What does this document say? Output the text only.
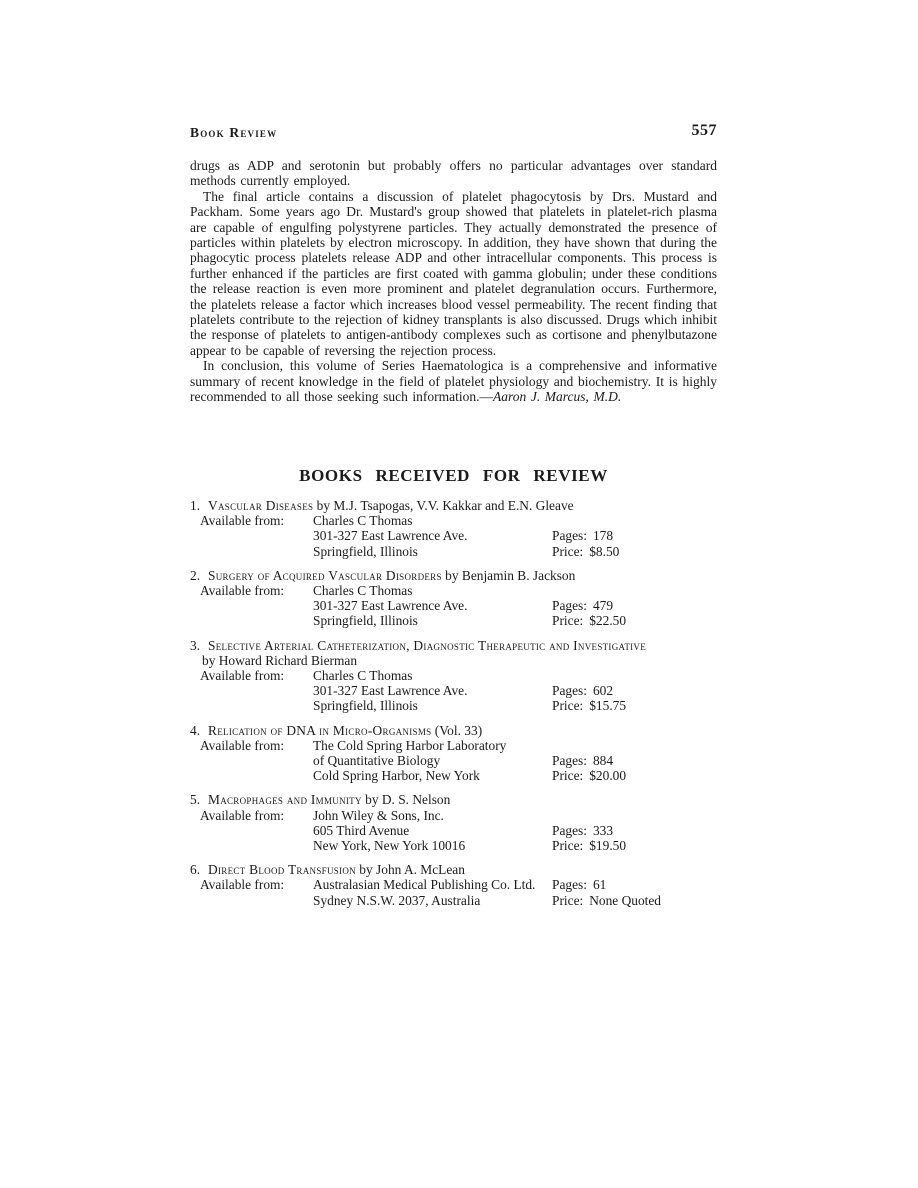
Book Review	557

drugs as ADP and serotonin but probably offers no particular advantages over standard methods currently employed.

The final article contains a discussion of platelet phagocytosis by Drs. Mustard and Packham. Some years ago Dr. Mustard's group showed that platelets in platelet-rich plasma are capable of engulfing polystyrene particles. They actually demonstrated the presence of particles within platelets by electron microscopy. In addition, they have shown that during the phagocytic process platelets release ADP and other intracellular components. This process is further enhanced if the particles are first coated with gamma globulin; under these conditions the release reaction is even more prominent and platelet degranulation occurs. Furthermore, the platelets release a factor which increases blood vessel permeability. The recent finding that platelets contribute to the rejection of kidney transplants is also discussed. Drugs which inhibit the response of platelets to antigen-antibody complexes such as cortisone and phenylbutazone appear to be capable of reversing the rejection process.

In conclusion, this volume of Series Haematologica is a comprehensive and informative summary of recent knowledge in the field of platelet physiology and biochemistry. It is highly recommended to all those seeking such information.—Aaron J. Marcus, M.D.

BOOKS RECEIVED FOR REVIEW
1. Vascular Diseases by M.J. Tsapogas, V.V. Kakkar and E.N. Gleave
Available from: Charles C Thomas
301-327 East Lawrence Ave.	Pages: 178
Springfield, Illinois	Price: $8.50
2. Surgery of Acquired Vascular Disorders by Benjamin B. Jackson
Available from: Charles C Thomas
301-327 East Lawrence Ave.	Pages: 479
Springfield, Illinois	Price: $22.50
3. Selective Arterial Catheterization, Diagnostic Therapeutic and Investigative
by Howard Richard Bierman
Available from: Charles C Thomas
301-327 East Lawrence Ave.	Pages: 602
Springfield, Illinois	Price: $15.75
4. Relication of DNA in Micro-Organisms (Vol. 33)
Available from: The Cold Spring Harbor Laboratory
of Quantitative Biology	Pages: 884
Cold Spring Harbor, New York	Price: $20.00
5. Macrophages and Immunity by D. S. Nelson
Available from: John Wiley & Sons, Inc.
605 Third Avenue	Pages: 333
New York, New York 10016	Price: $19.50
6. Direct Blood Transfusion by John A. McLean
Available from: Australasian Medical Publishing Co. Ltd. Pages: 61
Sydney N.S.W. 2037, Australia	Price: None Quoted
